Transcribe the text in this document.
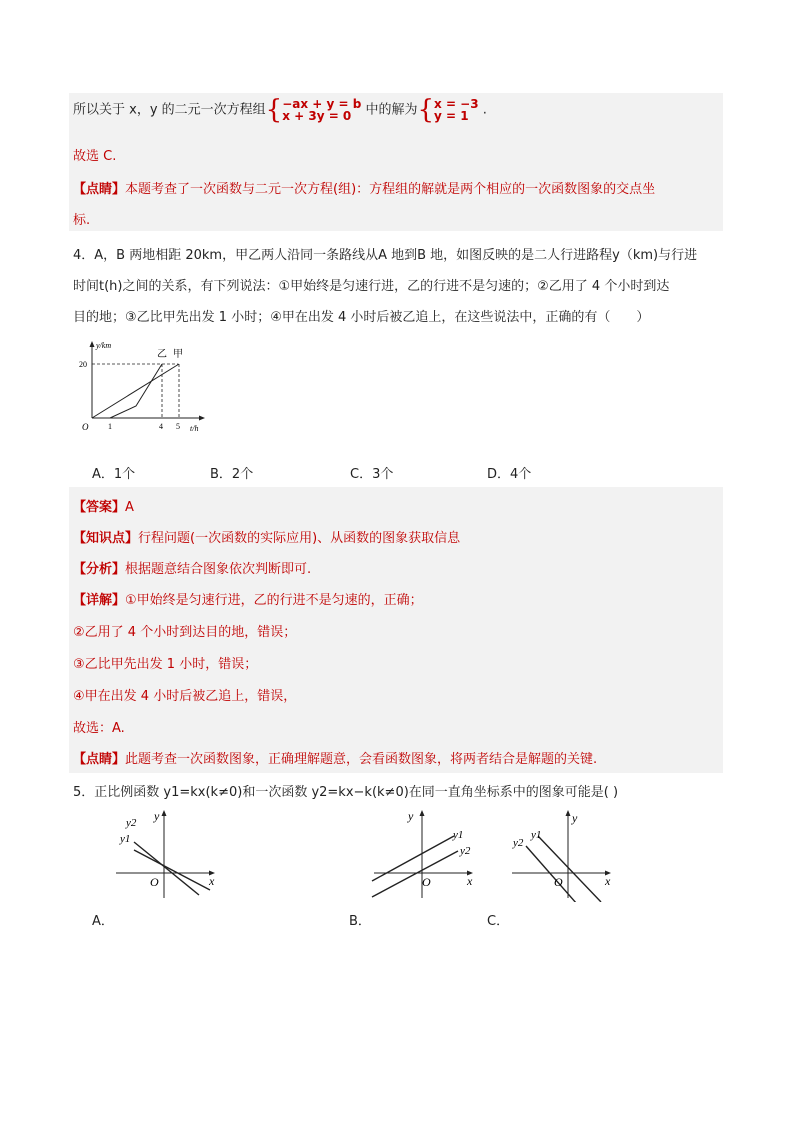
所以关于 x，y 的二元一次方程组{−ax + y = b
x + 3y = 0 中的解为{x = −3
y = 1 .
故选 C.
【点睛】本题考查了一次函数与二元一次方程(组)：方程组的解就是两个相应的一次函数图象的交点坐
标.
4．A，B 两地相距 20km，甲乙两人沿同一条路线从A 地到B 地，如图反映的是二人行进路程y（km)与行进
时间t(h)之间的关系，有下列说法：①甲始终是匀速行进，乙的行进不是匀速的；②乙用了 4 个小时到达
目的地；③乙比甲先出发 1 小时；④甲在出发 4 小时后被乙追上，在这些说法中，正确的有（　　）
y/km
t/h
O
20
1	4 5
乙 甲
A．1个	B．2个	C．3个	D．4个
【答案】A
【知识点】行程问题(一次函数的实际应用)、从函数的图象获取信息
【分析】根据题意结合图象依次判断即可.
【详解】①甲始终是匀速行进，乙的行进不是匀速的，正确；
②乙用了 4 个小时到达目的地，错误；
③乙比甲先出发 1 小时，错误；
④甲在出发 4 小时后被乙追上，错误，
故选：A.
【点睛】此题考查一次函数图象，正确理解题意，会看函数图象，将两者结合是解题的关键.
5．正比例函数 y1=kx(k≠0)和一次函数 y2=kx−k(k≠0)在同一直角坐标系中的图象可能是( )
y
x
O
y2
y1
A．
y
x
O
y1
y2
B．
y
x
O
y1
y2
C．
